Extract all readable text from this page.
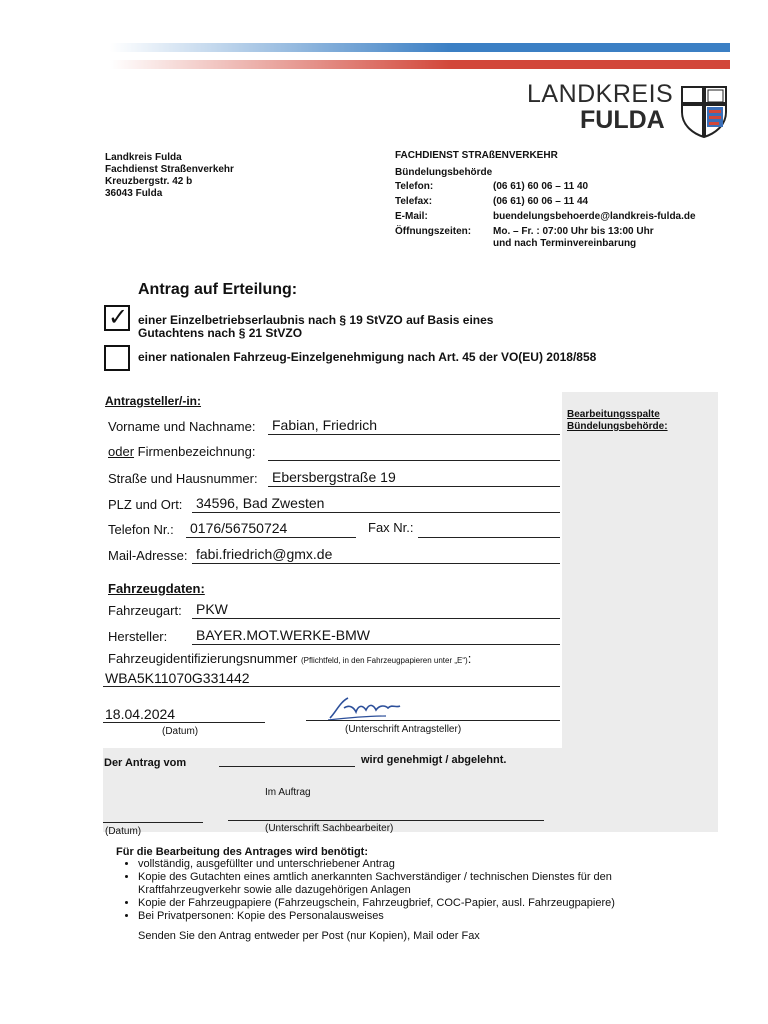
LANDKREIS
FULDA
Landkreis Fulda
Fachdienst Straßenverkehr
Kreuzbergstr. 42 b
36043 Fulda
FACHDIENST STRAßENVERKEHR
Bündelungsbehörde
Telefon:	(06 61) 60 06 – 11 40
Telefax:	(06 61) 60 06 – 11 44
E-Mail:	buendelungsbehoerde@landkreis-fulda.de
Öffnungszeiten: Mo. – Fr. : 07:00 Uhr bis 13:00 Uhr
und nach Terminvereinbarung
Antrag auf Erteilung:
✓ einer Einzelbetriebserlaubnis nach § 19 StVZO auf Basis eines
Gutachtens nach § 21 StVZO
einer nationalen Fahrzeug-Einzelgenehmigung nach Art. 45 der VO(EU) 2018/858
Bearbeitungsspalte
Bündelungsbehörde:
Antragsteller/-in:
Vorname und Nachname: Fabian, Friedrich
oder Firmenbezeichnung:
Straße und Hausnummer: Ebersbergstraße 19
PLZ und Ort: 34596, Bad Zwesten
Telefon Nr.: 0176/56750724	Fax Nr.:
Mail-Adresse: fabi.friedrich@gmx.de
Fahrzeugdaten:
Fahrzeugart: PKW
Hersteller: BAYER.MOT.WERKE-BMW
Fahrzeugidentifizierungsnummer (Pflichtfeld, in den Fahrzeugpapieren unter „E“):
WBA5K11070G331442
18.04.2024
(Datum)	(Unterschrift Antragsteller)
Der Antrag vom	wird genehmigt / abgelehnt.
Im Auftrag
(Datum)	(Unterschrift Sachbearbeiter)
Für die Bearbeitung des Antrages wird benötigt:
• vollständig, ausgefüllter und unterschriebener Antrag
• Kopie des Gutachten eines amtlich anerkannten Sachverständiger / technischen Dienstes für den Kraftfahrzeugverkehr sowie alle dazugehörigen Anlagen
• Kopie der Fahrzeugpapiere (Fahrzeugschein, Fahrzeugbrief, COC-Papier, ausl. Fahrzeugpapiere)
• Bei Privatpersonen: Kopie des Personalausweises
Senden Sie den Antrag entweder per Post (nur Kopien), Mail oder Fax
